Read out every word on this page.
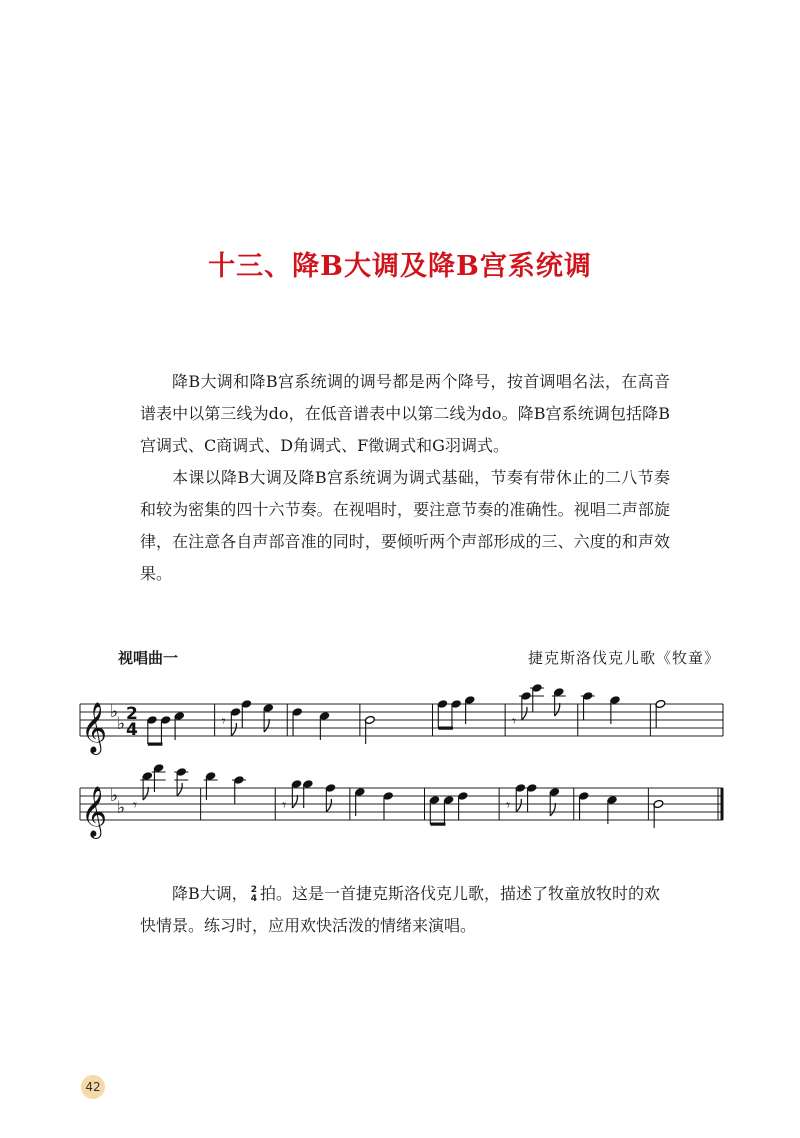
十三、降B大调及降B宫系统调

降B大调和降B宫系统调的调号都是两个降号，按首调唱名法，在高音谱表中以第三线为do，在低音谱表中以第二线为do。降B宫系统调包括降B宫调式、C商调式、D角调式、F徵调式和G羽调式。

本课以降B大调及降B宫系统调为调式基础，节奏有带休止的二八节奏和较为密集的四十六节奏。在视唱时，要注意节奏的准确性。视唱二声部旋律，在注意各自声部音准的同时，要倾听两个声部形成的三、六度的和声效果。

视唱曲一	捷克斯洛伐克儿歌《牧童》
𝄞 ♭
♭ 2
4	𝄾	𝄾
𝄞 ♭
♭ 𝄾	𝄾	𝄾

降B大调， 2
4 拍。这是一首捷克斯洛伐克儿歌，描述了牧童放牧时的欢快情景。练习时，应用欢快活泼的情绪来演唱。

42
